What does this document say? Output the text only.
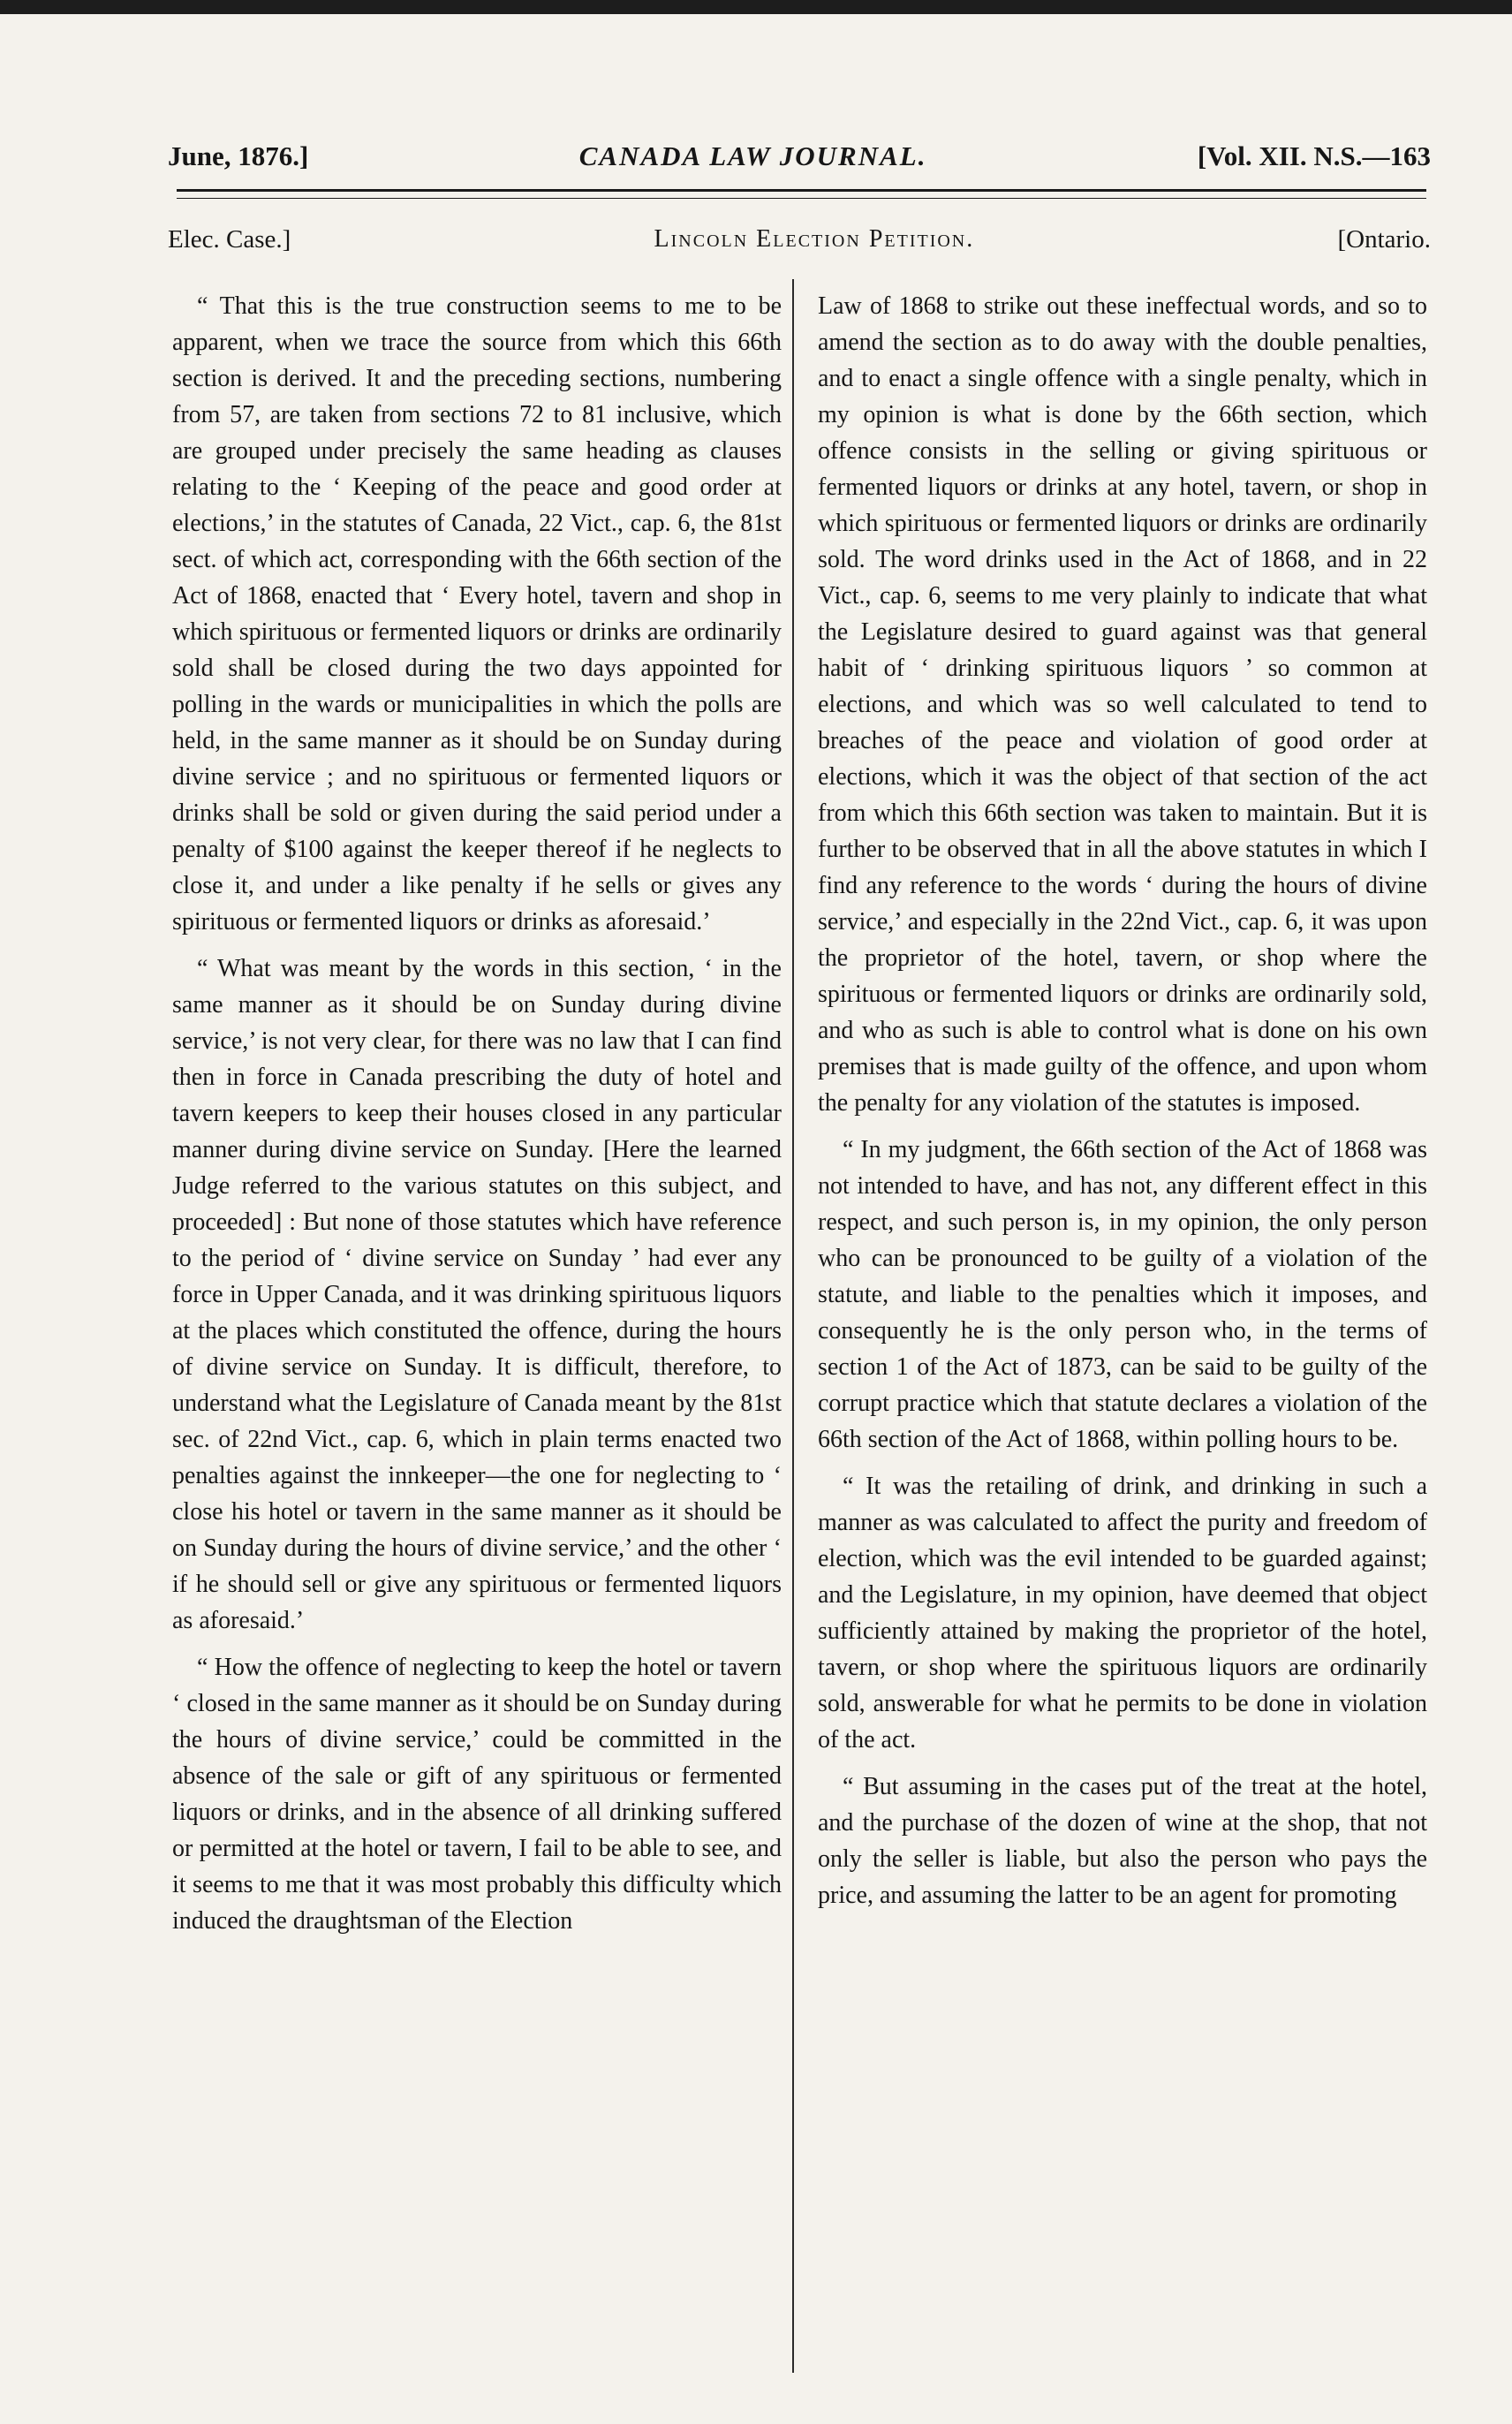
June, 1876.]	CANADA LAW JOURNAL.	[Vol. XII. N.S.—163
Elec. Case.]	Lincoln Election Petition.	[Ontario.

“ That this is the true construction seems to me to be apparent, when we trace the source from which this 66th section is derived. It and the preceding sections, numbering from 57, are taken from sections 72 to 81 inclusive, which are grouped under precisely the same heading as clauses relating to the ‘ Keeping of the peace and good order at elections,’ in the statutes of Canada, 22 Vict., cap. 6, the 81st sect. of which act, corresponding with the 66th section of the Act of 1868, enacted that ‘ Every hotel, tavern and shop in which spirituous or fermented liquors or drinks are ordinarily sold shall be closed during the two days appointed for polling in the wards or municipalities in which the polls are held, in the same manner as it should be on Sunday during divine service ; and no spirituous or fermented liquors or drinks shall be sold or given during the said period under a penalty of $100 against the keeper thereof if he neglects to close it, and under a like penalty if he sells or gives any spirituous or fermented liquors or drinks as aforesaid.’

“ What was meant by the words in this section, ‘ in the same manner as it should be on Sunday during divine service,’ is not very clear, for there was no law that I can find then in force in Canada prescribing the duty of hotel and tavern keepers to keep their houses closed in any particular manner during divine service on Sunday. [Here the learned Judge referred to the various statutes on this subject, and proceeded] : But none of those statutes which have reference to the period of ‘ divine service on Sunday ’ had ever any force in Upper Canada, and it was drinking spirituous liquors at the places which constituted the offence, during the hours of divine service on Sunday. It is difficult, therefore, to understand what the Legislature of Canada meant by the 81st sec. of 22nd Vict., cap. 6, which in plain terms enacted two penalties against the innkeeper—the one for neglecting to ‘ close his hotel or tavern in the same manner as it should be on Sunday during the hours of divine service,’ and the other ‘ if he should sell or give any spirituous or fermented liquors as aforesaid.’

“ How the offence of neglecting to keep the hotel or tavern ‘ closed in the same manner as it should be on Sunday during the hours of divine service,’ could be committed in the absence of the sale or gift of any spirituous or fermented liquors or drinks, and in the absence of all drinking suffered or permitted at the hotel or tavern, I fail to be able to see, and it seems to me that it was most probably this difficulty which induced the draughtsman of the Election

Law of 1868 to strike out these ineffectual words, and so to amend the section as to do away with the double penalties, and to enact a single offence with a single penalty, which in my opinion is what is done by the 66th section, which offence consists in the selling or giving spirituous or fermented liquors or drinks at any hotel, tavern, or shop in which spirituous or fermented liquors or drinks are ordinarily sold. The word drinks used in the Act of 1868, and in 22 Vict., cap. 6, seems to me very plainly to indicate that what the Legislature desired to guard against was that general habit of ‘ drinking spirituous liquors ’ so common at elections, and which was so well calculated to tend to breaches of the peace and violation of good order at elections, which it was the object of that section of the act from which this 66th section was taken to maintain. But it is further to be observed that in all the above statutes in which I find any reference to the words ‘ during the hours of divine service,’ and especially in the 22nd Vict., cap. 6, it was upon the proprietor of the hotel, tavern, or shop where the spirituous or fermented liquors or drinks are ordinarily sold, and who as such is able to control what is done on his own premises that is made guilty of the offence, and upon whom the penalty for any violation of the statutes is imposed.

“ In my judgment, the 66th section of the Act of 1868 was not intended to have, and has not, any different effect in this respect, and such person is, in my opinion, the only person who can be pronounced to be guilty of a violation of the statute, and liable to the penalties which it imposes, and consequently he is the only person who, in the terms of section 1 of the Act of 1873, can be said to be guilty of the corrupt practice which that statute declares a violation of the 66th section of the Act of 1868, within polling hours to be.

“ It was the retailing of drink, and drinking in such a manner as was calculated to affect the purity and freedom of election, which was the evil intended to be guarded against; and the Legislature, in my opinion, have deemed that object sufficiently attained by making the proprietor of the hotel, tavern, or shop where the spirituous liquors are ordinarily sold, answerable for what he permits to be done in violation of the act.

“ But assuming in the cases put of the treat at the hotel, and the purchase of the dozen of wine at the shop, that not only the seller is liable, but also the person who pays the price, and assuming the latter to be an agent for promoting
